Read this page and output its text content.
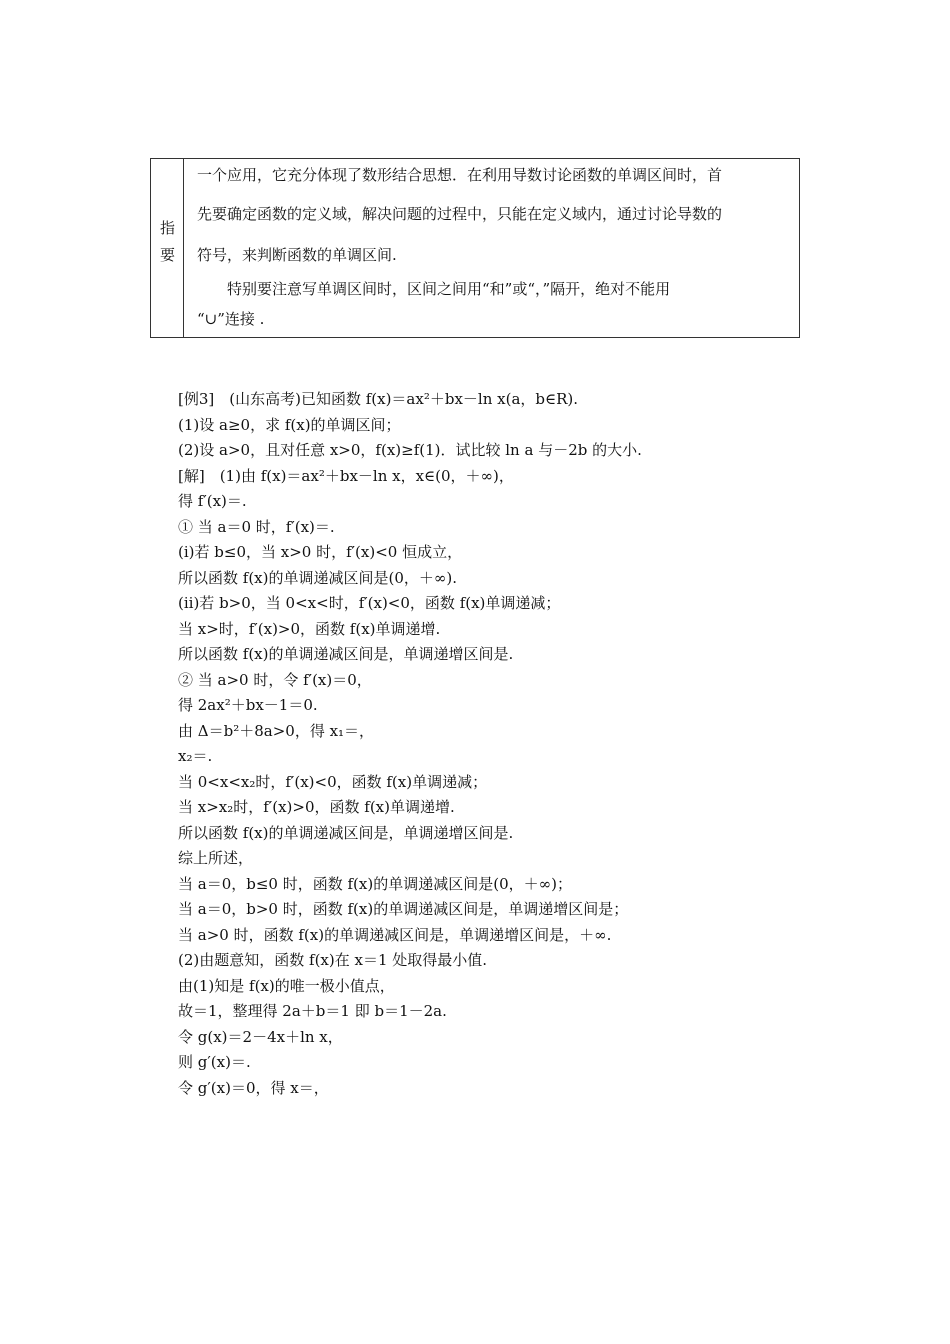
指
要
一个应用，它充分体现了数形结合思想．在利用导数讨论函数的单调区间时，首
先要确定函数的定义域，解决问题的过程中，只能在定义域内，通过讨论导数的
符号，来判断函数的单调区间.
　　特别要注意写单调区间时，区间之间用“和”或“，”隔开，绝对不能用
“∪”连接 .
[例3]　(山东高考)已知函数 f(x)＝ax²＋bx－ln x(a，b∈R).
(1)设 a≥0，求 f(x)的单调区间；
(2)设 a>0，且对任意 x>0，f(x)≥f(1)．试比较 ln a 与－2b 的大小.
[解]　(1)由 f(x)＝ax²＋bx－ln x，x∈(0，＋∞)，
得 f′(x)＝.
① 当 a＝0 时，f′(x)＝.
(ⅰ)若 b≤0，当 x>0 时，f′(x)<0 恒成立，
所以函数 f(x)的单调递减区间是(0，＋∞).
(ⅱ)若 b>0，当 0<x<时，f′(x)<0，函数 f(x)单调递减；
当 x>时，f′(x)>0，函数 f(x)单调递增.
所以函数 f(x)的单调递减区间是，单调递增区间是.
② 当 a>0 时，令 f′(x)＝0，
得 2ax²＋bx－1＝0.
由 Δ＝b²＋8a>0，得 x₁＝，
x₂＝.
当 0<x<x₂时，f′(x)<0，函数 f(x)单调递减；
当 x>x₂时，f′(x)>0，函数 f(x)单调递增.
所以函数 f(x)的单调递减区间是，单调递增区间是.
综上所述，
当 a＝0，b≤0 时，函数 f(x)的单调递减区间是(0，＋∞)；
当 a＝0，b>0 时，函数 f(x)的单调递减区间是，单调递增区间是；
当 a>0 时，函数 f(x)的单调递减区间是，单调递增区间是，＋∞.
(2)由题意知，函数 f(x)在 x＝1 处取得最小值.
由(1)知是 f(x)的唯一极小值点，
故＝1，整理得 2a＋b＝1 即 b＝1－2a.
令 g(x)＝2－4x＋ln x，
则 g′(x)＝.
令 g′(x)＝0，得 x＝，
